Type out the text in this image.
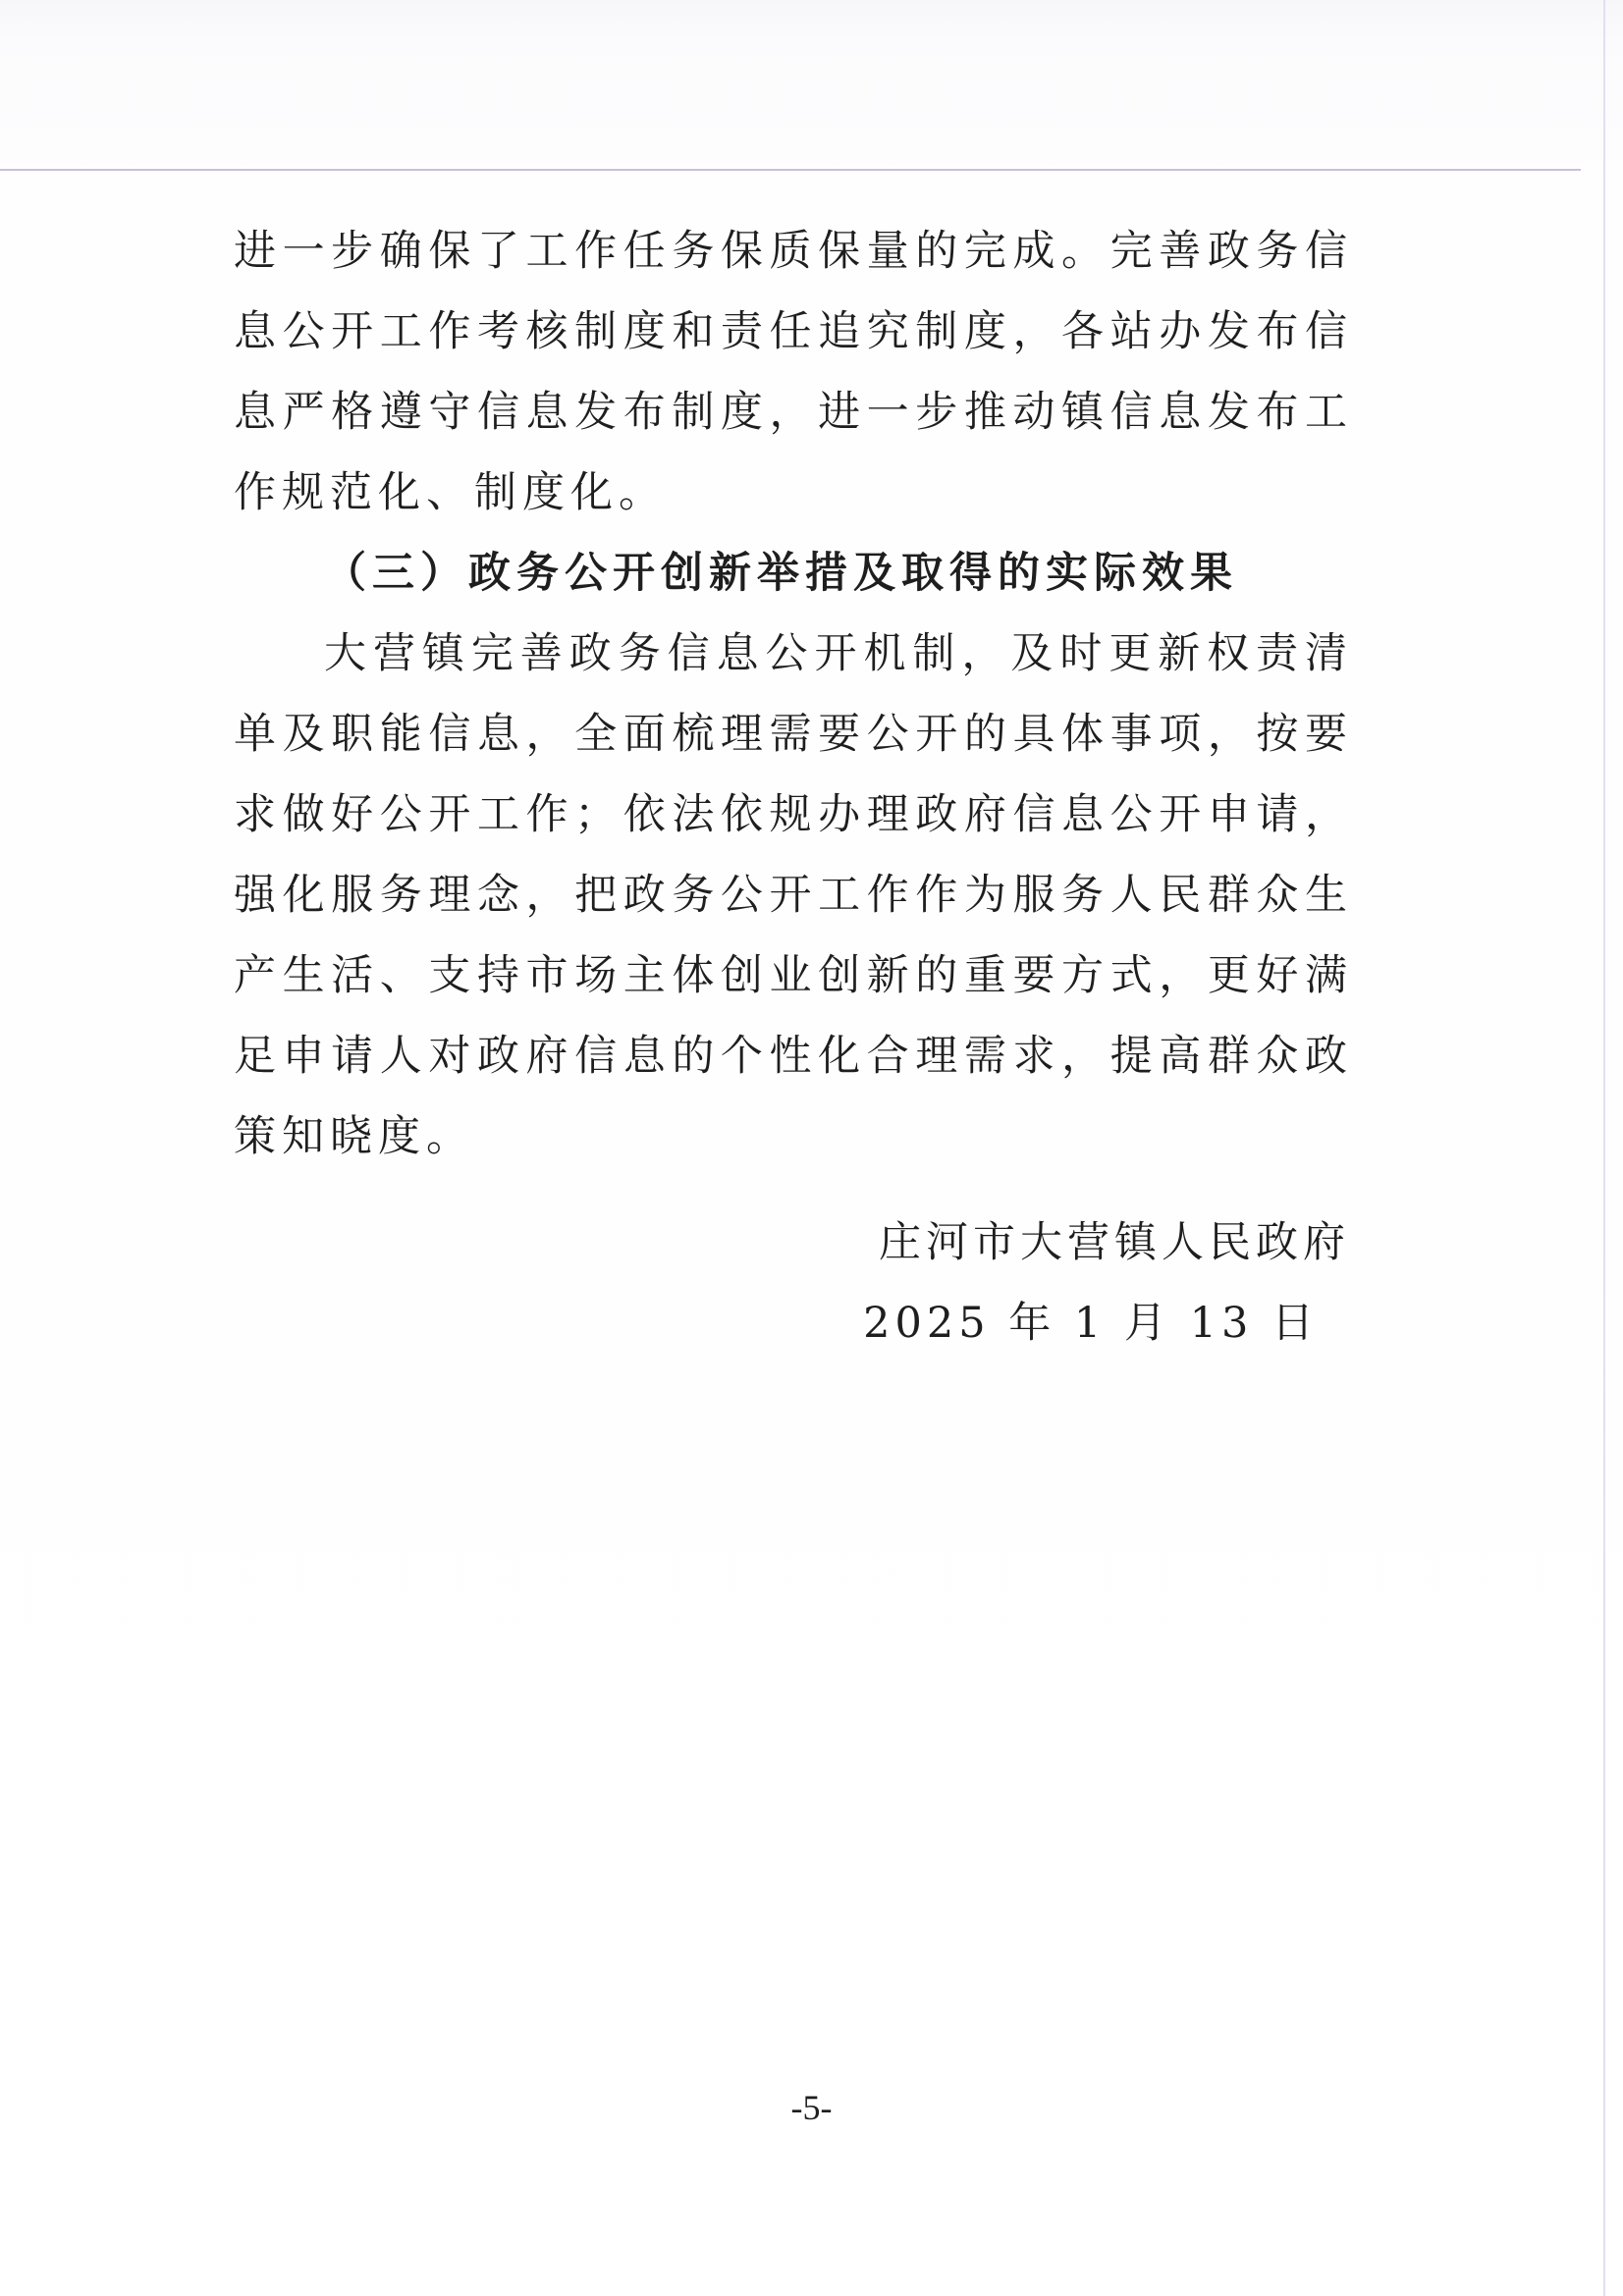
进一步确保了工作任务保质保量的完成。完善政务信息公开工作考核制度和责任追究制度，各站办发布信息严格遵守信息发布制度，进一步推动镇信息发布工作规范化、制度化。

（三）政务公开创新举措及取得的实际效果

大营镇完善政务信息公开机制，及时更新权责清单及职能信息，全面梳理需要公开的具体事项，按要求做好公开工作；依法依规办理政府信息公开申请，强化服务理念，把政务公开工作作为服务人民群众生产生活、支持市场主体创业创新的重要方式，更好满足申请人对政府信息的个性化合理需求，提高群众政策知晓度。

庄河市大营镇人民政府
2025 年 1 月 13 日
-5-
